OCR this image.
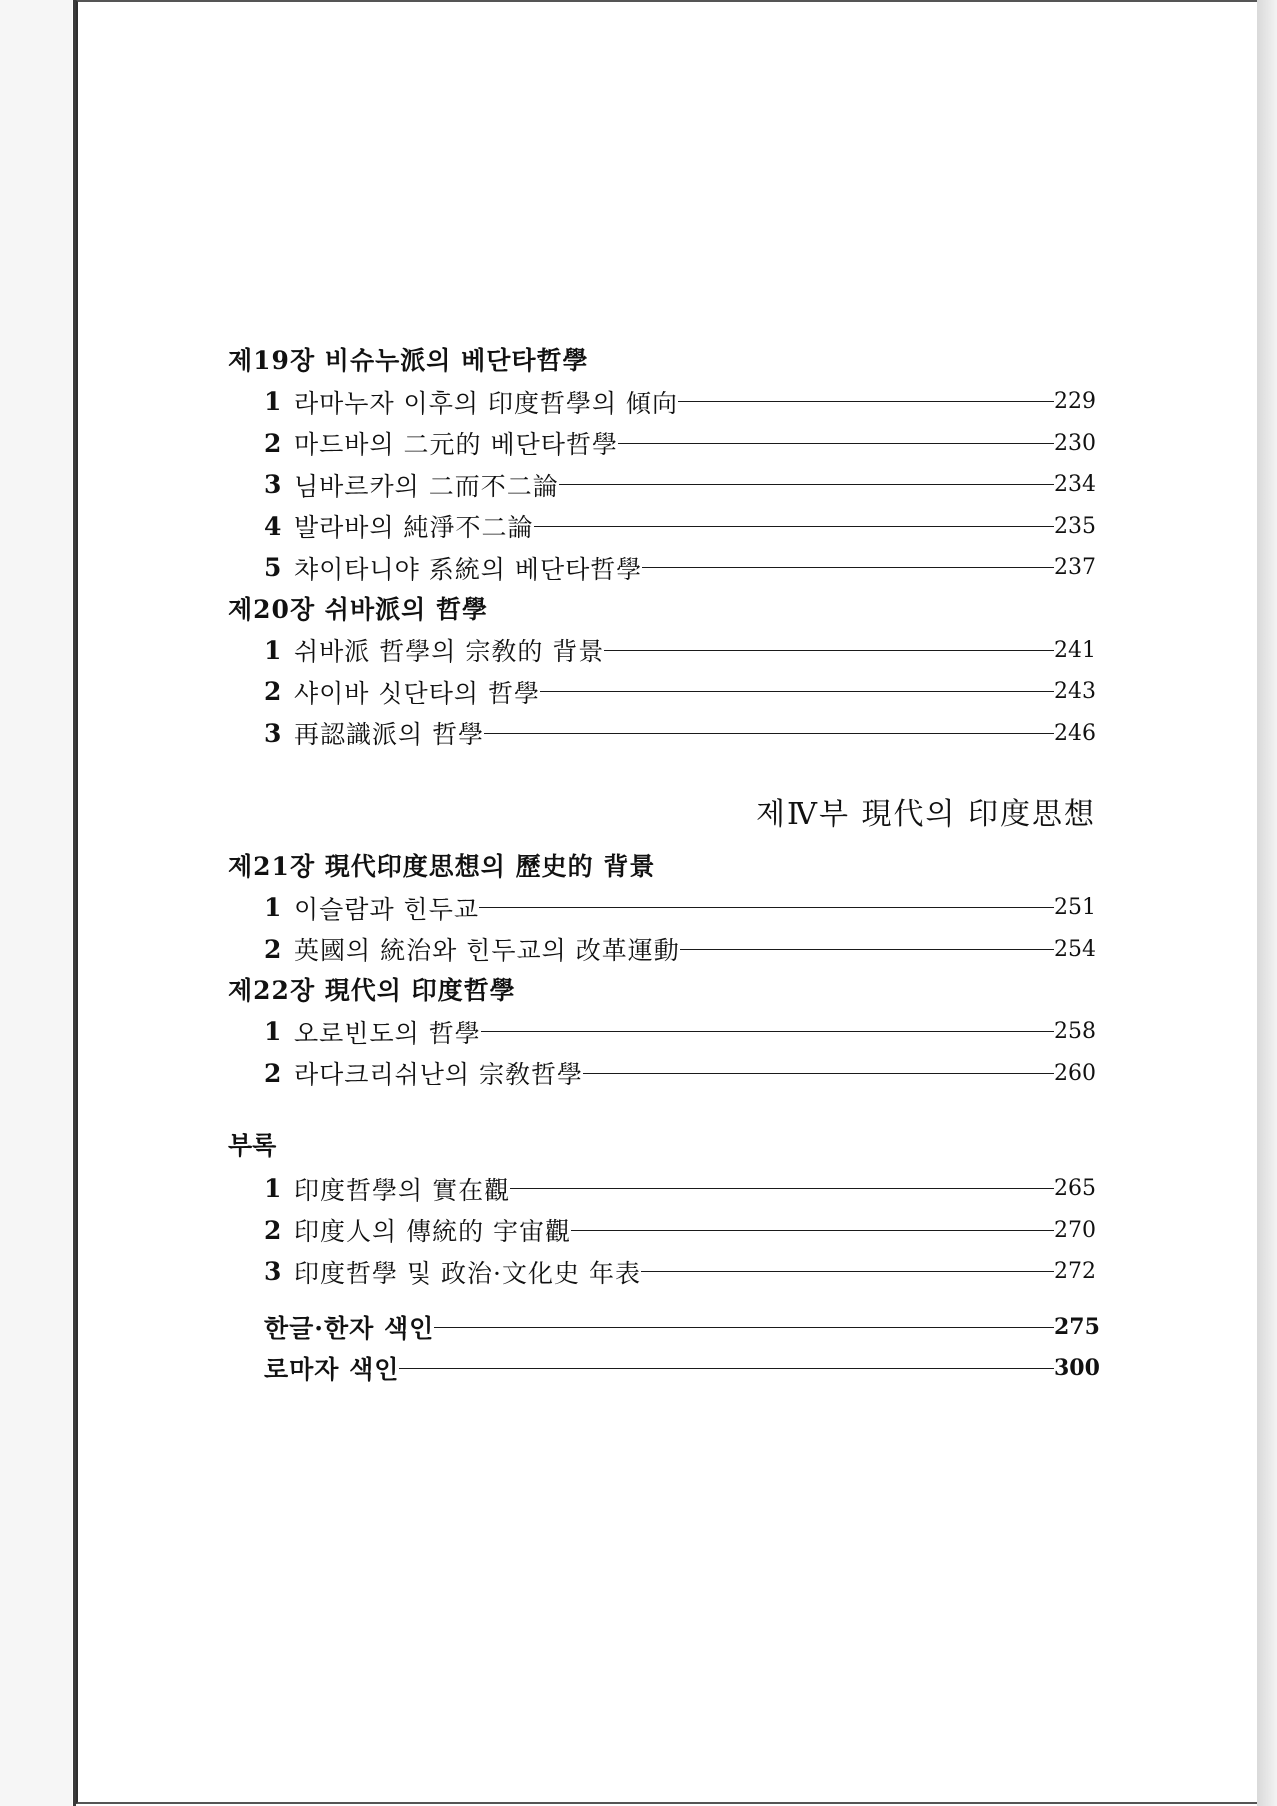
제19장 비슈누派의 베단타哲學
1 라마누자 이후의 印度哲學의 傾向	229
2 마드바의 二元的 베단타哲學	230
3 님바르카의 二而不二論	234
4 발라바의 純淨不二論	235
5 챠이타니야 系統의 베단타哲學	237
제20장 쉬바派의 哲學
1 쉬바派 哲學의 宗敎的 背景	241
2 샤이바 싯단타의 哲學	243
3 再認識派의 哲學	246
제Ⅳ부 現代의 印度思想
제21장 現代印度思想의 歷史的 背景
1 이슬람과 힌두교	251
2 英國의 統治와 힌두교의 改革運動	254
제22장 現代의 印度哲學
1 오로빈도의 哲學	258
2 라다크리쉬난의 宗敎哲學	260
부록
1 印度哲學의 實在觀	265
2 印度人의 傳統的 宇宙觀	270
3 印度哲學 및 政治·文化史 年表	272
한글·한자 색인	275
로마자 색인	300
